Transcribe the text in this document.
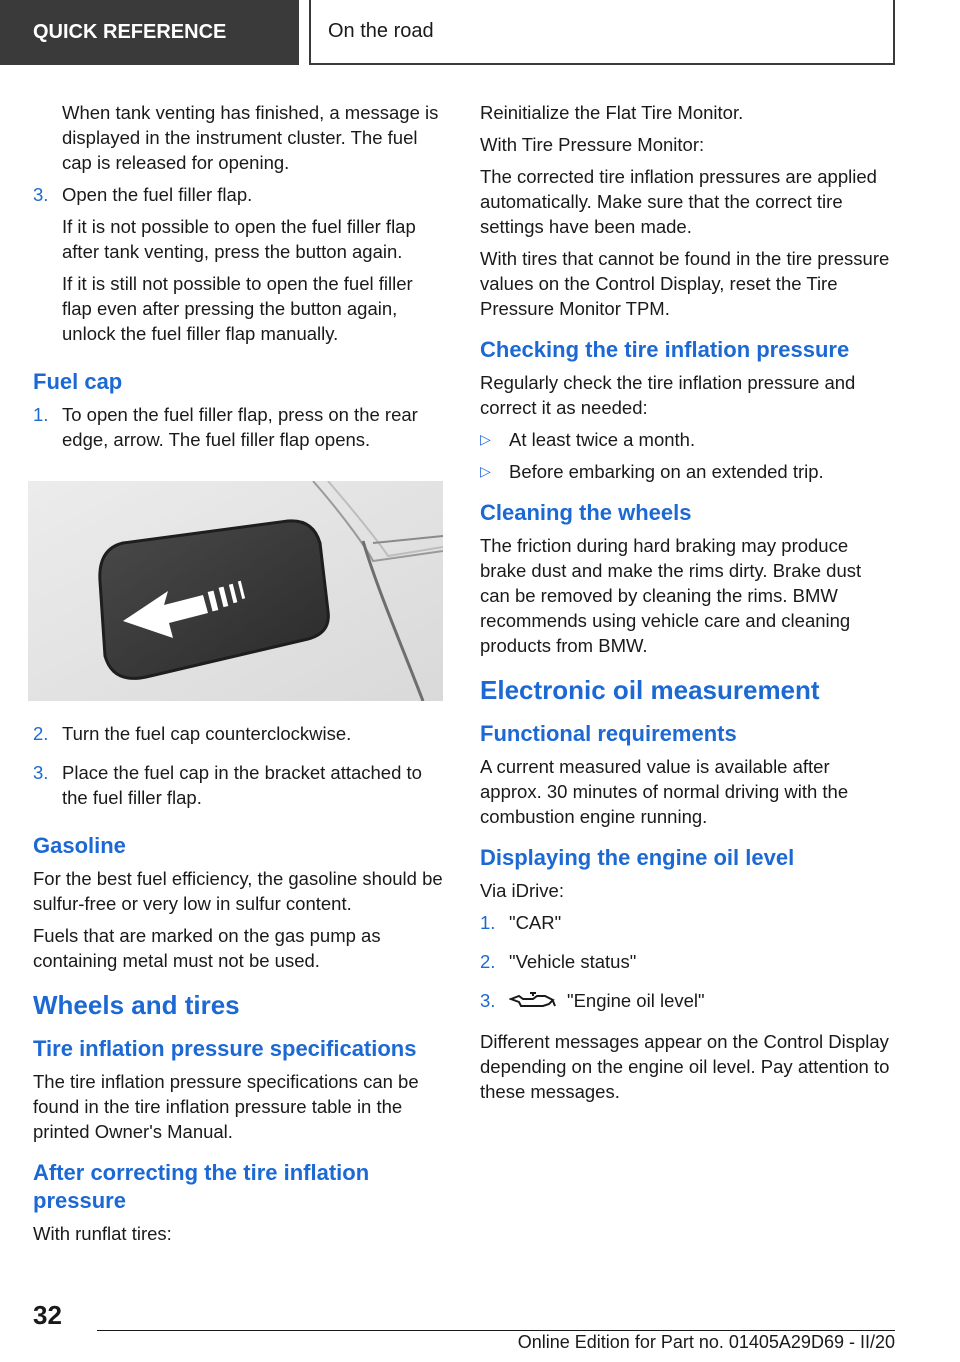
QUICK REFERENCE	On the road

When tank venting has finished, a message is displayed in the instrument cluster. The fuel cap is released for opening.

3. Open the fuel filler flap.

If it is not possible to open the fuel filler flap after tank venting, press the button again.

If it is still not possible to open the fuel filler flap even after pressing the button again, unlock the fuel filler flap manually.

Fuel cap
1. To open the fuel filler flap, press on the rear edge, arrow. The fuel filler flap opens.

2. Turn the fuel cap counterclockwise.

3. Place the fuel cap in the bracket attached to the fuel filler flap.

Gasoline

For the best fuel efficiency, the gasoline should be sulfur-free or very low in sulfur content.

Fuels that are marked on the gas pump as containing metal must not be used.

Wheels and tires
Tire inflation pressure specifications

The tire inflation pressure specifications can be found in the tire inflation pressure table in the printed Owner's Manual.

After correcting the tire inflation pressure

With runflat tires:

Reinitialize the Flat Tire Monitor.

With Tire Pressure Monitor:

The corrected tire inflation pressures are applied automatically. Make sure that the correct tire settings have been made.

With tires that cannot be found in the tire pressure values on the Control Display, reset the Tire Pressure Monitor TPM.

Checking the tire inflation pressure

Regularly check the tire inflation pressure and correct it as needed:

▷ At least twice a month.
▷ Before embarking on an extended trip.
Cleaning the wheels

The friction during hard braking may produce brake dust and make the rims dirty. Brake dust can be removed by cleaning the rims. BMW recommends using vehicle care and cleaning products from BMW.

Electronic oil measurement
Functional requirements

A current measured value is available after approx. 30 minutes of normal driving with the combustion engine running.

Displaying the engine oil level

Via iDrive:

1. "CAR"

2. "Vehicle status"

3.	"Engine oil level"

Different messages appear on the Control Display depending on the engine oil level. Pay attention to these messages.

32
Online Edition for Part no. 01405A29D69 - II/20
